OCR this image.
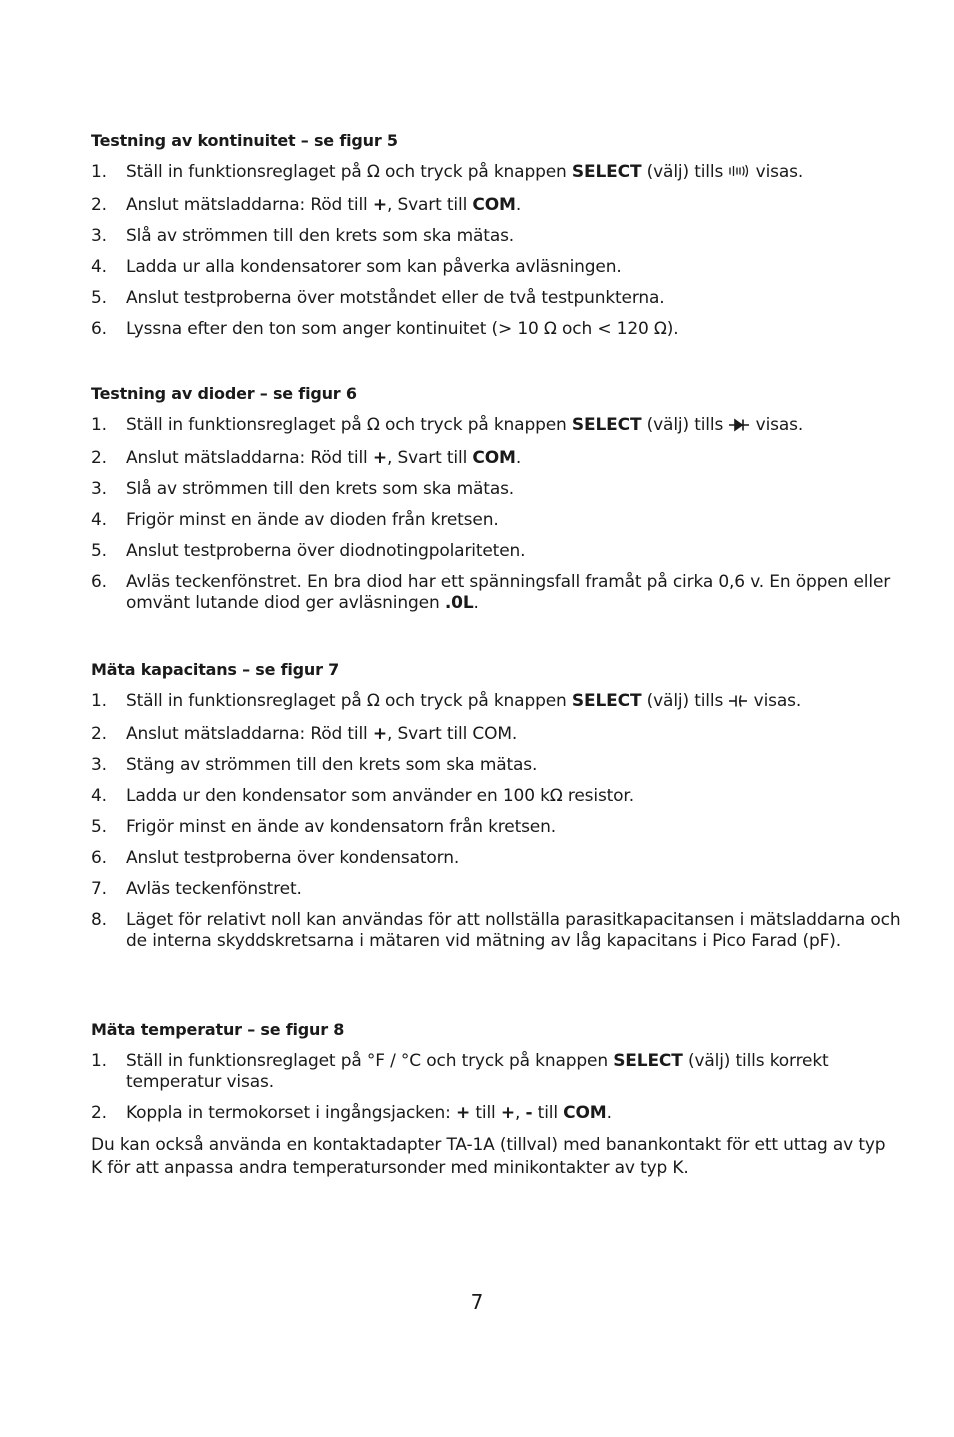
Testning av kontinuitet – se figur 5
1. Ställ in funktionsreglaget på Ω och tryck på knappen SELECT (välj) tills  visas.
2. Anslut mätsladdarna: Röd till +, Svart till COM.
3. Slå av strömmen till den krets som ska mätas.
4. Ladda ur alla kondensatorer som kan påverka avläsningen.
5. Anslut testproberna över motståndet eller de två testpunkterna.
6. Lyssna efter den ton som anger kontinuitet (> 10 Ω och < 120 Ω).
Testning av dioder – se figur 6
1. Ställ in funktionsreglaget på Ω och tryck på knappen SELECT (välj) tills  visas.
2. Anslut mätsladdarna: Röd till +, Svart till COM.
3. Slå av strömmen till den krets som ska mätas.
4. Frigör minst en ände av dioden från kretsen.
5. Anslut testproberna över diodnotingpolariteten.
6. Avläs teckenfönstret. En bra diod har ett spänningsfall framåt på cirka 0,6 v. En öppen eller omvänt lutande diod ger avläsningen .0L.
Mäta kapacitans – se figur 7
1. Ställ in funktionsreglaget på Ω och tryck på knappen SELECT (välj) tills  visas.
2. Anslut mätsladdarna: Röd till +, Svart till COM.
3. Stäng av strömmen till den krets som ska mätas.
4. Ladda ur den kondensator som använder en 100 kΩ resistor.
5. Frigör minst en ände av kondensatorn från kretsen.
6. Anslut testproberna över kondensatorn.
7. Avläs teckenfönstret.
8. Läget för relativt noll kan användas för att nollställa parasitkapacitansen i mätsladdarna och de interna skyddskretsarna i mätaren vid mätning av låg kapacitans i Pico Farad (pF).
Mäta temperatur – se figur 8
1. Ställ in funktionsreglaget på °F / °C och tryck på knappen SELECT (välj) tills korrekt temperatur visas.
2. Koppla in termokorset i ingångsjacken: + till +, - till COM.

Du kan också använda en kontaktadapter TA-1A (tillval) med banankontakt för ett uttag av typ K för att anpassa andra temperatursonder med minikontakter av typ K.

7
